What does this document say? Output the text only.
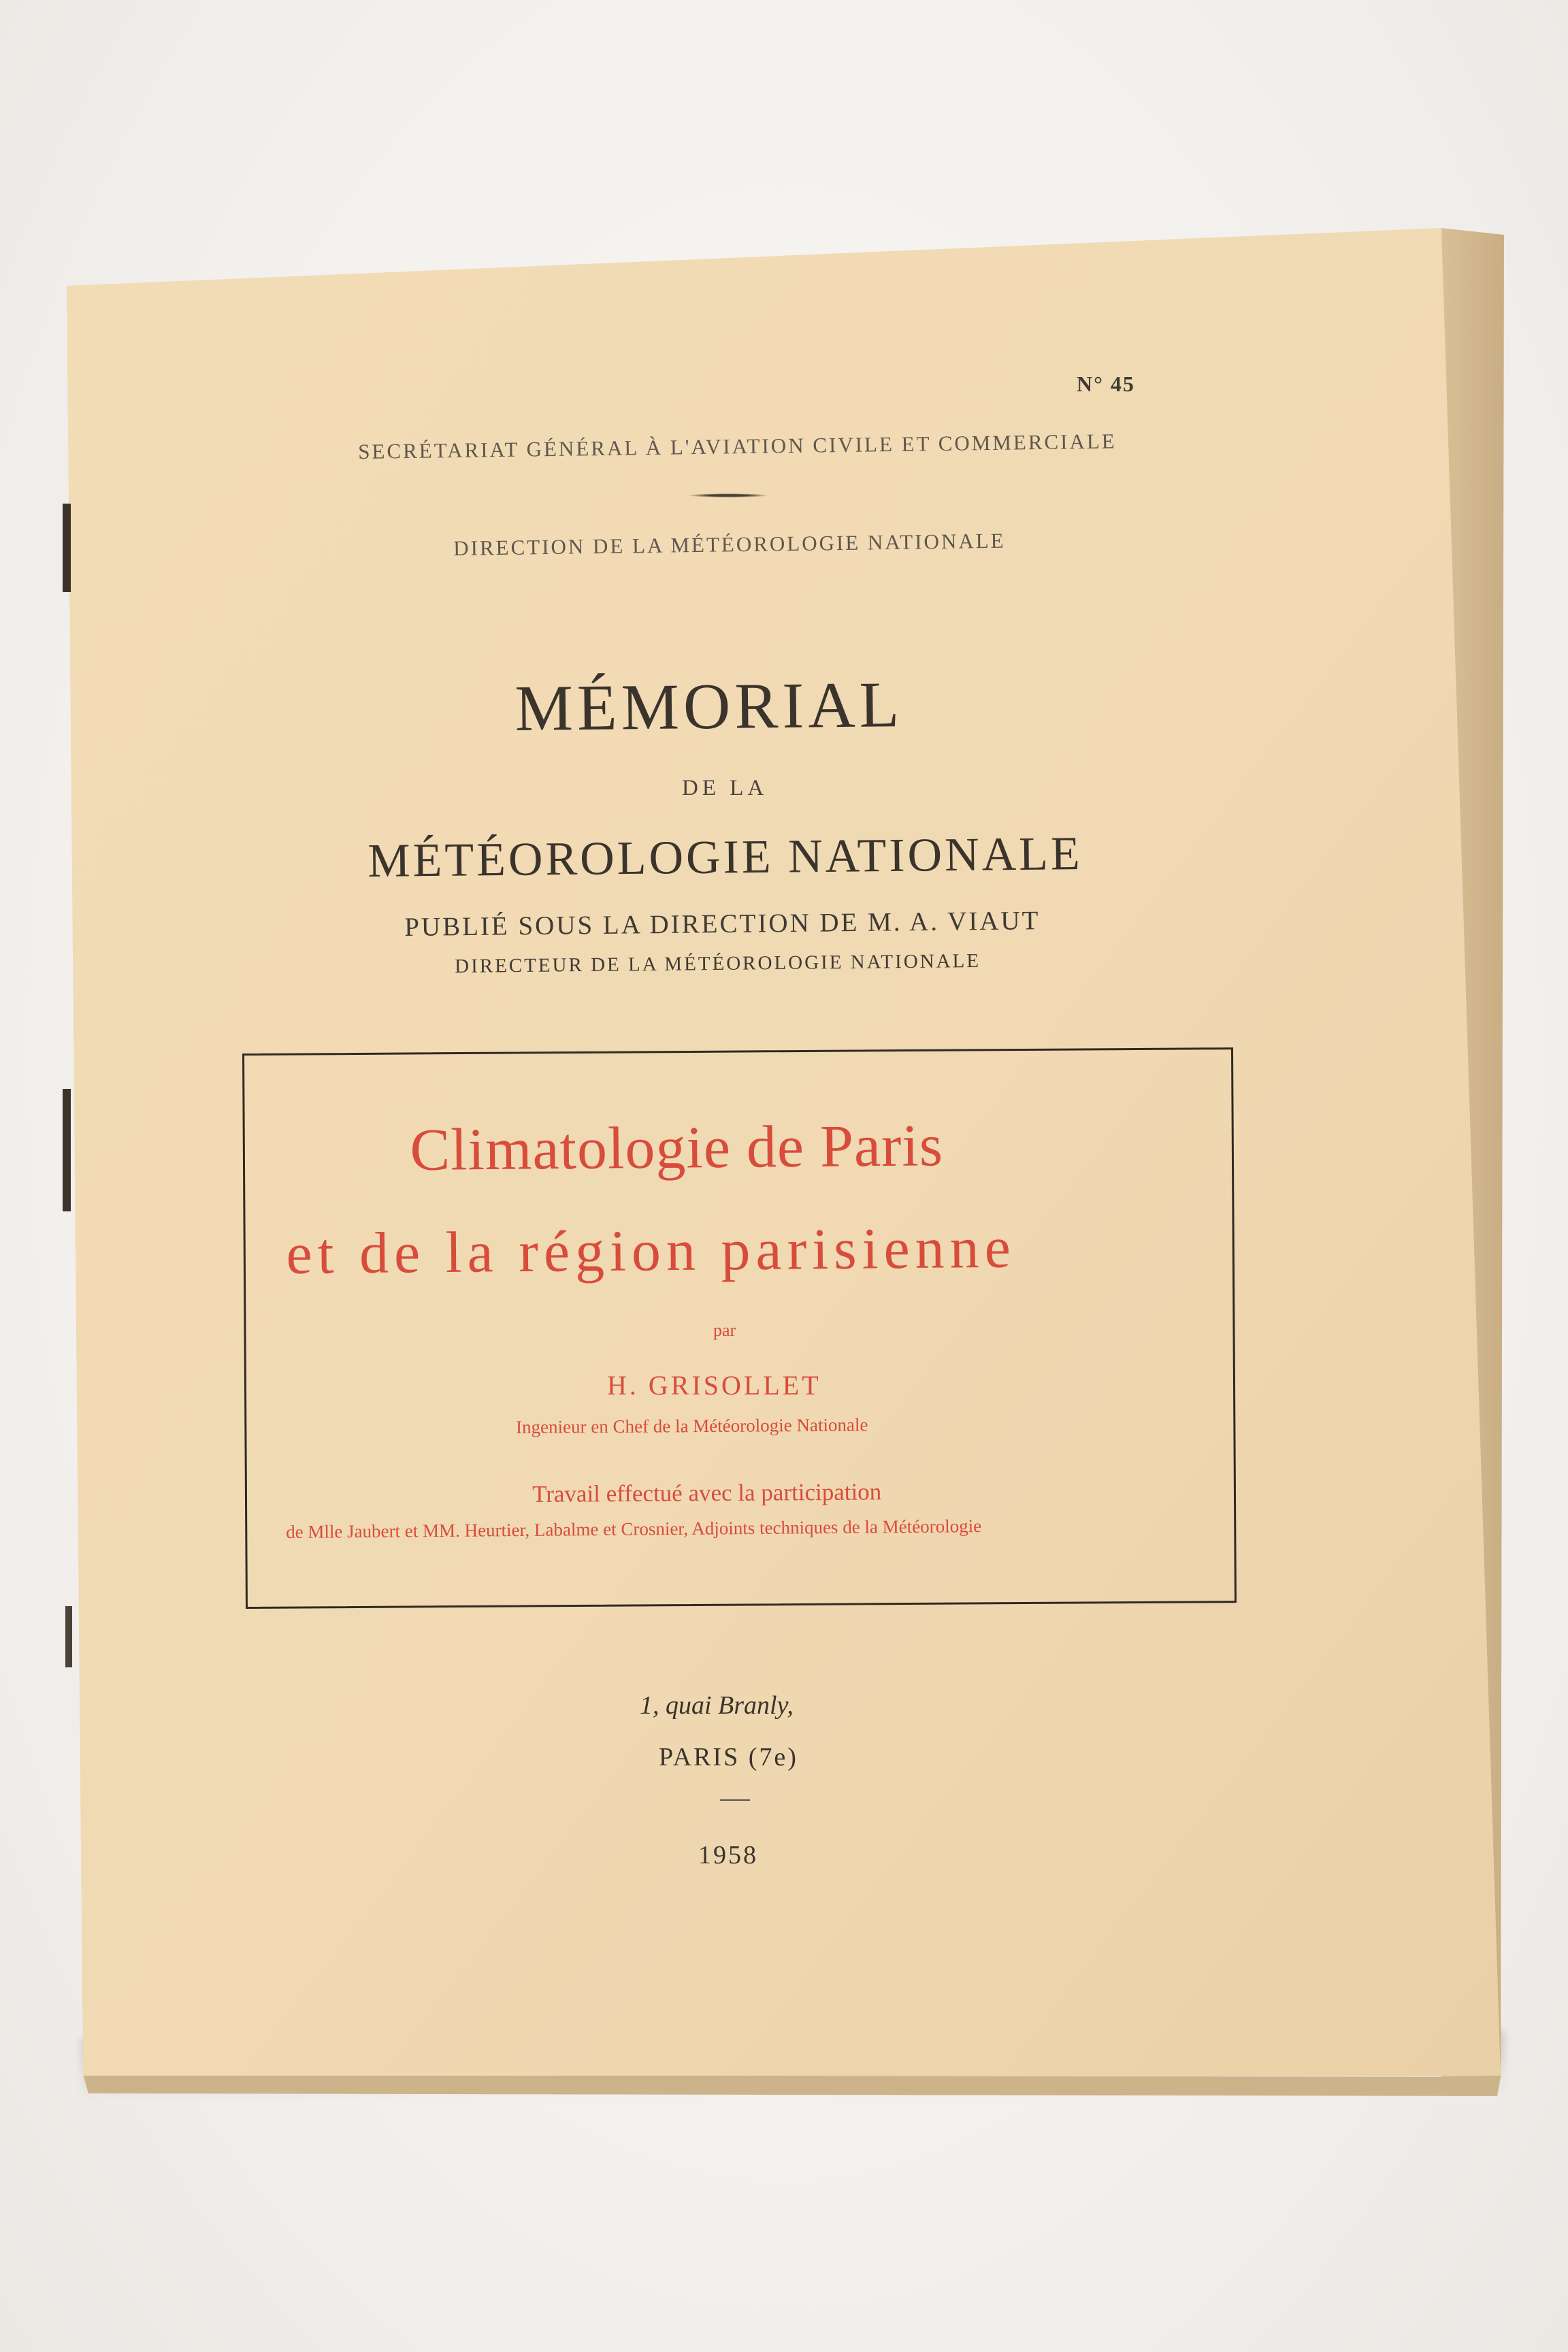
N° 45
SECRÉTARIAT GÉNÉRAL À L'AVIATION CIVILE ET COMMERCIALE
DIRECTION DE LA MÉTÉOROLOGIE NATIONALE
MÉMORIAL
DE LA
MÉTÉOROLOGIE NATIONALE
PUBLIÉ SOUS LA DIRECTION DE M. A. VIAUT
DIRECTEUR DE LA MÉTÉOROLOGIE NATIONALE
Climatologie de Paris
et de la région parisienne
par
H. GRISOLLET
Ingenieur en Chef de la Météorologie Nationale
Travail effectué avec la participation
de Mlle Jaubert et MM. Heurtier, Labalme et Crosnier, Adjoints techniques de la Météorologie
1, quai Branly,
PARIS (7e)
1958
